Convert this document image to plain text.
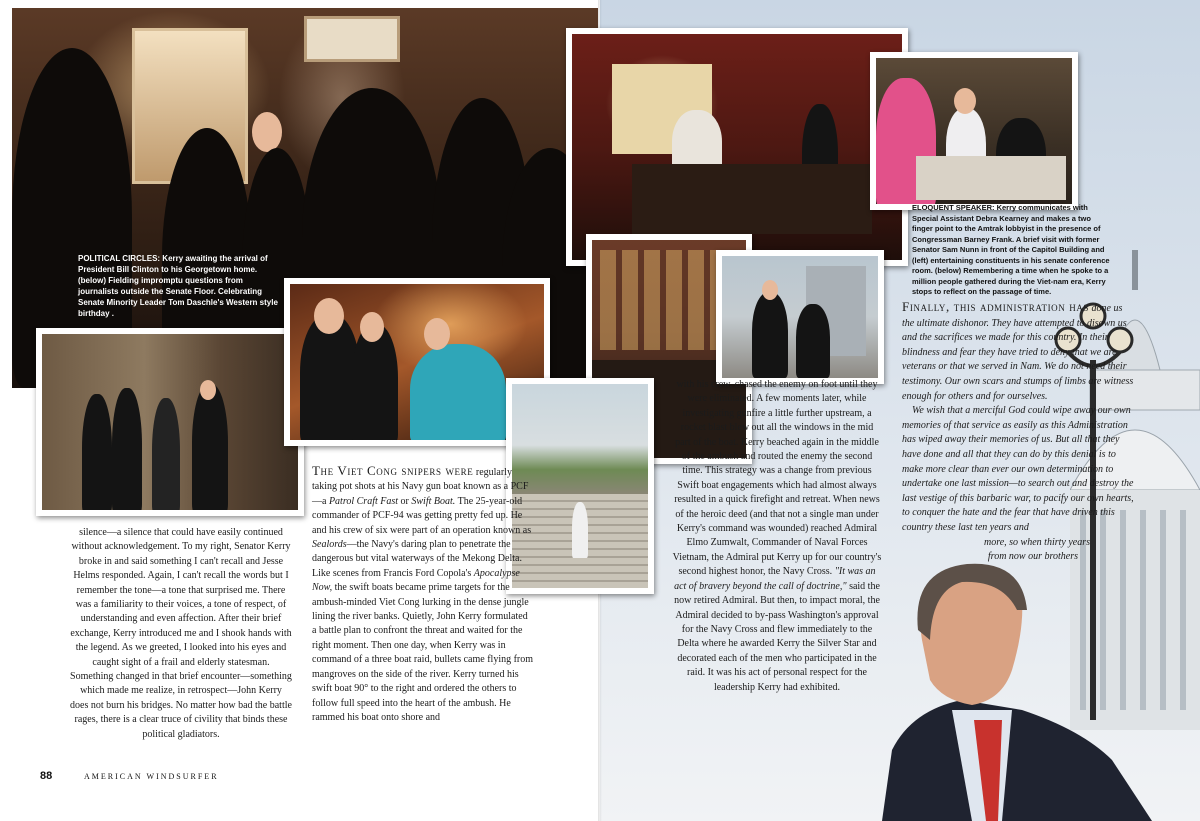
POLITICAL CIRCLES: Kerry awaiting the arrival of President Bill Clinton to his Georgetown home. (below) Fielding impromptu questions from journalists outside the Senate Floor. Celebrating Senate Minority Leader Tom Daschle's Western style birthday .
ELOQUENT SPEAKER: Kerry communicates with Special Assistant Debra Kearney and makes a two finger point to the Amtrak lobbyist in the presence of Congressman Barney Frank. A brief visit with former Senator Sam Nunn in front of the Capitol Building and (left) entertaining constituents in his senate conference room. (below) Remembering a time when he spoke to a million people gathered during the Viet-nam era, Kerry stops to reflect on the passage of time.

silence—a silence that could have easily continued without acknowledgement. To my right, Senator Kerry broke in and said something I can't recall and Jesse Helms responded. Again, I can't recall the words but I remember the tone—a tone that surprised me. There was a familiarity to their voices, a tone of respect, of understanding and even affection. After their brief exchange, Kerry introduced me and I shook hands with the legend. As we greeted, I looked into his eyes and caught sight of a frail and elderly statesman. Something changed in that brief encounter—something which made me realize, in retrospect—John Kerry does not burn his bridges. No matter how bad the battle rages, there is a clear truce of civility that binds these political gladiators.

The Viet Cong snipers were regularly taking pot shots at his Navy gun boat known as a PCF—a Patrol Craft Fast or Swift Boat. The 25-year-old commander of PCF-94 was getting pretty fed up. He and his crew of six were part of an operation known as Sealords—the Navy's daring plan to penetrate the dangerous but vital waterways of the Mekong Delta. Like scenes from Francis Ford Copola's Apocalypse Now, the swift boats became prime targets for the ambush-minded Viet Cong lurking in the dense jungle lining the river banks. Quietly, John Kerry formulated a battle plan to confront the threat and waited for the right moment. Then one day, when Kerry was in command of a three boat raid, bullets came flying from mangroves on the side of the river. Kerry turned his swift boat 90° to the right and ordered the others to follow full speed into the heart of the ambush. He rammed his boat onto shore and

with his crew, chased the enemy on foot until they were eliminated. A few moments later, while investigating gunfire a little further upstream, a rocket blast blew out all the windows in the mid part of the boat. Kerry beached again in the middle of the ambush and routed the enemy the second time. This strategy was a change from previous Swift boat engagements which had almost always resulted in a quick firefight and retreat. When news of the heroic deed (and that not a single man under Kerry's command was wounded) reached Admiral Elmo Zumwalt, Commander of Naval Forces Vietnam, the Admiral put Kerry up for our country's second highest honor, the Navy Cross. "It was an act of bravery beyond the call of doctrine," said the now retired Admiral. But then, to impact moral, the Admiral decided to by-pass Washington's approval for the Navy Cross and flew immediately to the Delta where he awarded Kerry the Silver Star and decorated each of the men who participated in the raid. It was his act of personal respect for the leadership Kerry had exhibited.

Finally, this administration has done us the ultimate dishonor. They have attempted to disown us and the sacrifices we made for this country. In their blindness and fear they have tried to deny that we are veterans or that we served in Nam. We do not need their testimony. Our own scars and stumps of limbs are witness enough for others and for ourselves.

We wish that a merciful God could wipe away our own memories of that service as easily as this Administration has wiped away their memories of us. But all that they have done and all that they can do by this denial is to make more clear than ever our own determination to undertake one last mission—to search out and destroy the last vestige of this barbaric war, to pacify our own hearts, to conquer the hate and the fear that have driven this country these last ten years and

more, so when thirty years

from now our brothers

88	AMERICAN WINDSURFER
